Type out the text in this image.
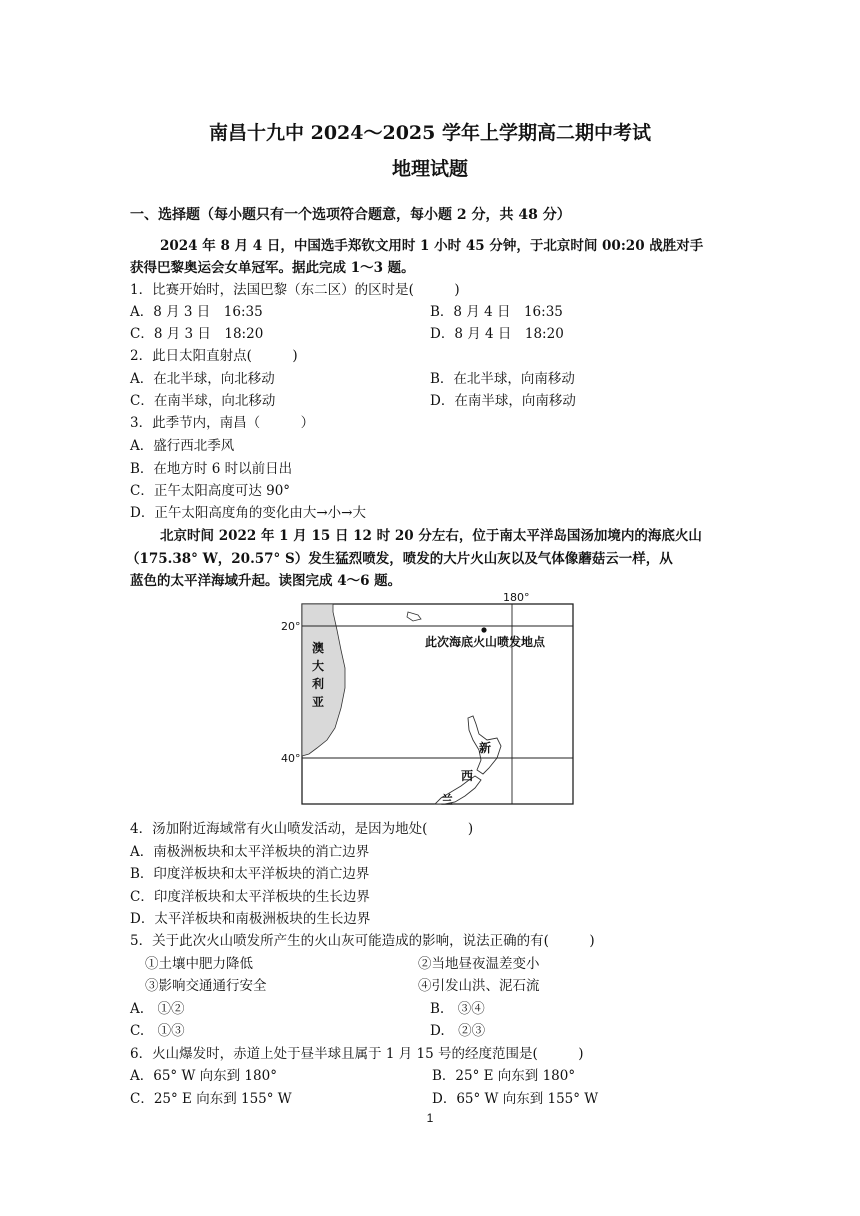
南昌十九中 2024～2025 学年上学期高二期中考试
地理试题
一、选择题（每小题只有一个选项符合题意，每小题 2 分，共 48 分）
2024 年 8 月 4 日，中国选手郑钦文用时 1 小时 45 分钟，于北京时间 00:20 战胜对手
获得巴黎奥运会女单冠军。据此完成 1～3 题。
1．比赛开始时，法国巴黎（东二区）的区时是(　　　)
A．8 月 3 日　16:35	B．8 月 4 日　16:35
C．8 月 3 日　18:20	D．8 月 4 日　18:20
2．此日太阳直射点(　　　)
A．在北半球，向北移动	B．在北半球，向南移动
C．在南半球，向北移动	D．在南半球，向南移动
3．此季节内，南昌（　　　）
A．盛行西北季风
B．在地方时 6 时以前日出
C．正午太阳高度可达 90°
D．正午太阳高度角的变化由大→小→大
北京时间 2022 年 1 月 15 日 12 时 20 分左右，位于南太平洋岛国汤加境内的海底火山
（175.38° W，20.57° S）发生猛烈喷发，喷发的大片火山灰以及气体像蘑菇云一样，从
蓝色的太平洋海域升起。读图完成 4～6 题。
180°
20°
40°
此次海底火山喷发地点
澳
大
利
亚
新
西
兰
4．汤加附近海域常有火山喷发活动，是因为地处(　　　)
A．南极洲板块和太平洋板块的消亡边界
B．印度洋板块和太平洋板块的消亡边界
C．印度洋板块和太平洋板块的生长边界
D．太平洋板块和南极洲板块的生长边界
5．关于此次火山喷发所产生的火山灰可能造成的影响，说法正确的有(　　　)
①土壤中肥力降低	②当地昼夜温差变小
③影响交通通行安全	④引发山洪、泥石流
A.　①②	B.　③④
C.　①③	D.　②③
6．火山爆发时，赤道上处于昼半球且属于 1 月 15 号的经度范围是(　　　)
A．65° W 向东到 180°	B．25° E 向东到 180°
C．25° E 向东到 155° W	D．65° W 向东到 155° W
1
